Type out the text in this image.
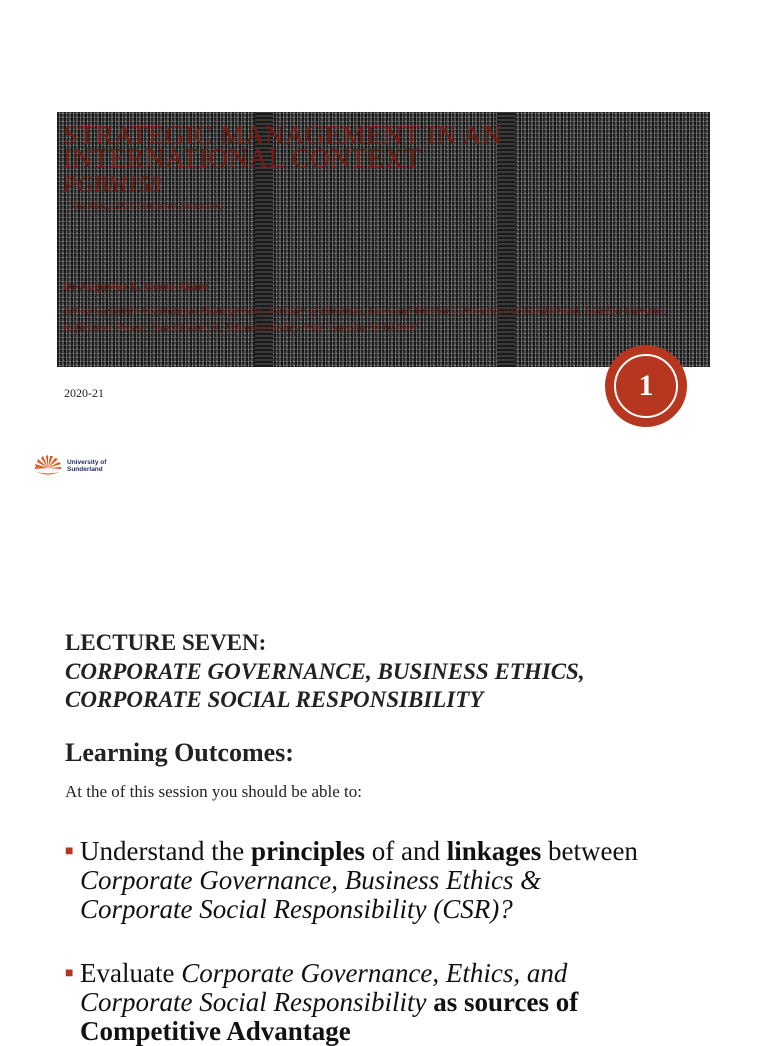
STRATEGIC MANAGEMENT IN AN INTERNATIONAL CONTEXT
PGBM158
7th May, 2021 (Summer Semester)
Dr Augustus E. Osseo-Asare
Senior Lecturer in Strategic Management, Faculty of Business, Law and Tourism, University of Sunderland, London Campus, Reflection House, Sunderland St, Edmund Halley Way, London SE10 0AR
2020-21	1
University of Sunderland
LECTURE SEVEN:
CORPORATE GOVERNANCE, BUSINESS ETHICS,
CORPORATE SOCIAL RESPONSIBILITY
Learning Outcomes:
At the of this session you should be able to:
■ Understand the principles of and linkages between
Corporate Governance, Business Ethics &
Corporate Social Responsibility (CSR)?
■ Evaluate Corporate Governance, Ethics, and
Corporate Social Responsibility as sources of

Competitive Advantage
